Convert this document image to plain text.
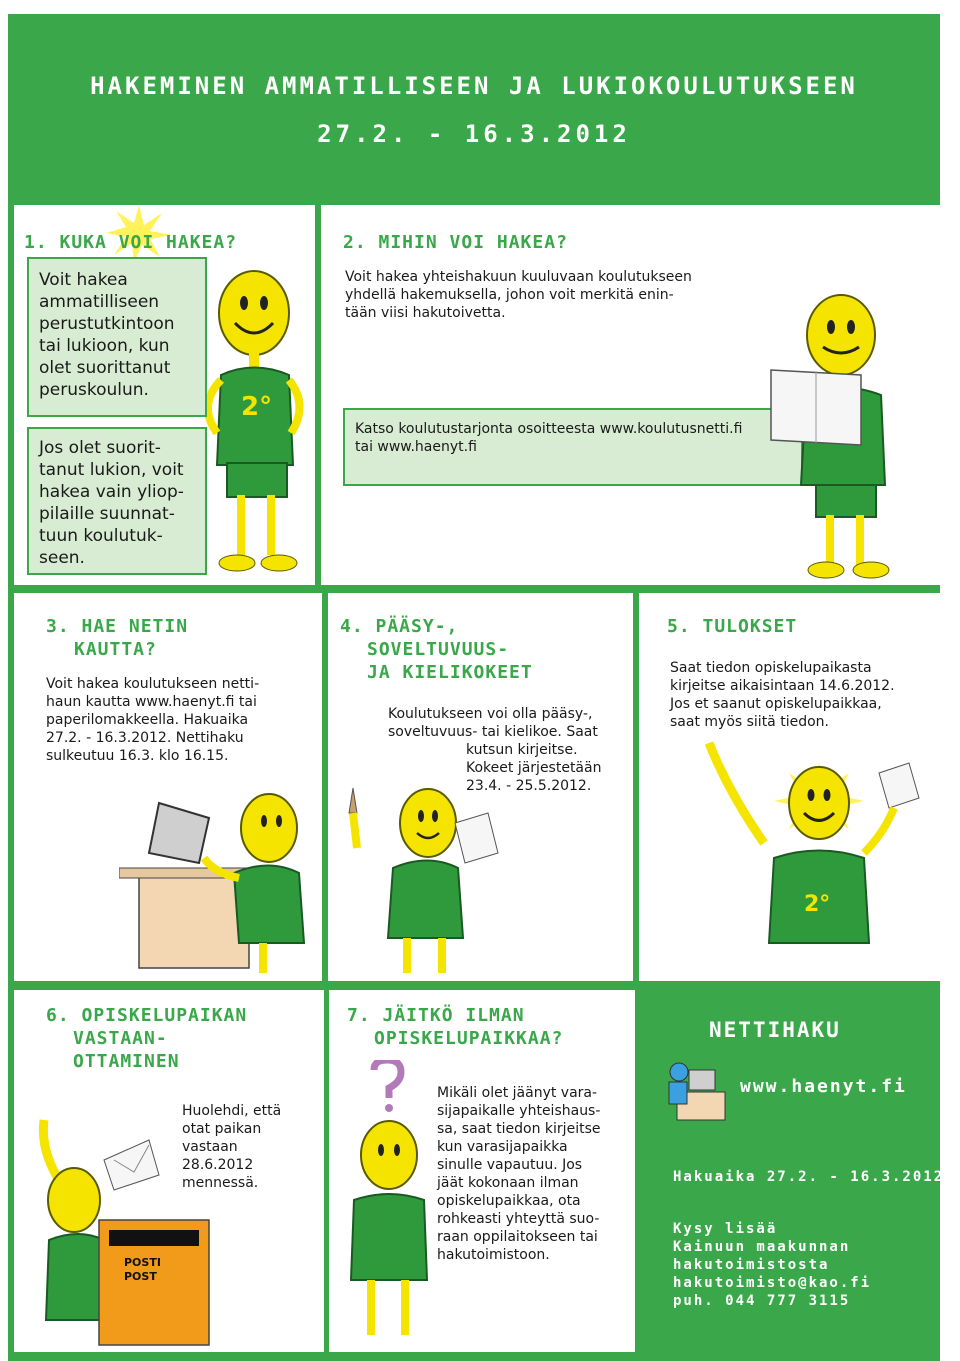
HAKEMINEN AMMATILLISEEN JA LUKIOKOULUTUKSEEN
27.2. - 16.3.2012
2°
1. KUKA VOI HAKEA?
Voit hakea
ammatilliseen
perustutkintoon
tai lukioon, kun
olet suorittanut
peruskoulun.
Jos olet suorit-
tanut lukion, voit
hakea vain yliop-
pilaille suunnat-
tuun koulutuk-
seen.
2. MIHIN VOI HAKEA?
Voit hakea yhteishakuun kuuluvaan koulutukseen
yhdellä hakemuksella, johon voit merkitä enin-
tään viisi hakutoivetta.
Katso koulutustarjonta osoitteesta www.koulutusnetti.fi
tai www.haenyt.fi
3. HAE NETIN
KAUTTA?
Voit hakea koulutukseen netti-
haun kautta www.haenyt.fi tai
paperilomakkeella. Hakuaika
27.2. - 16.3.2012. Nettihaku
sulkeutuu 16.3. klo 16.15.
4. PÄÄSY-,
SOVELTUVUUS-
JA KIELIKOKEET
Koulutukseen voi olla pääsy-,
soveltuvuus- tai kielikoe. Saat
kutsun kirjeitse.
Kokeet järjestetään
23.4. - 25.5.2012.
5. TULOKSET
Saat tiedon opiskelupaikasta
kirjeitse aikaisintaan 14.6.2012.
Jos et saanut opiskelupaikkaa,
saat myös siitä tiedon.
2°
6. OPISKELUPAIKAN
VASTAAN-
OTTAMINEN
Huolehdi, että
otat paikan
vastaan
28.6.2012
mennessä.
POSTI
POST
7. JÄITKÖ ILMAN
OPISKELUPAIKKAA?
Mikäli olet jäänyt vara-
sijapaikalle yhteishaus-
sa, saat tiedon kirjeitse
kun varasijapaikka
sinulle vapautuu. Jos
jäät kokonaan ilman
opiskelupaikkaa, ota
rohkeasti yhteyttä suo-
raan oppilaitokseen tai
hakutoimistoon.
NETTIHAKU
www.haenyt.fi
Hakuaika 27.2. - 16.3.2012
Kysy lisää
Kainuun maakunnan
hakutoimistosta
hakutoimisto@kao.fi
puh. 044 777 3115
